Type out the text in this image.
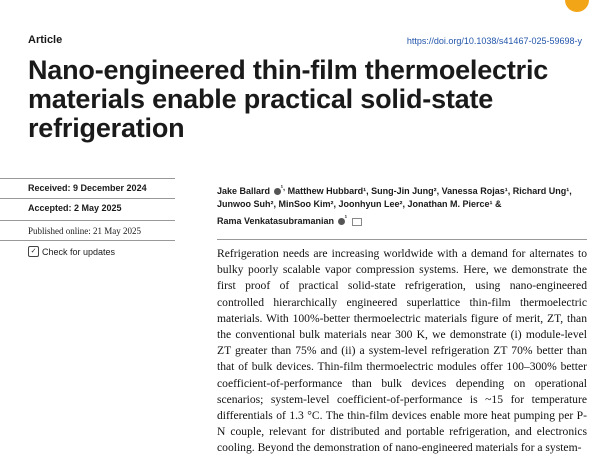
Article	https://doi.org/10.1038/s41467-025-59698-y
Nano-engineered thin-film thermoelectric materials enable practical solid-state refrigeration
Received: 9 December 2024
Accepted: 2 May 2025
Published online: 21 May 2025
✓ Check for updates
Jake Ballard $^{^1,}$ Matthew Hubbard¹, Sung-Jin Jung², Vanessa Rojas¹, Richard Ung¹, Junwoo Suh², MinSoo Kim², Joonhyun Lee², Jonathan M. Pierce¹ &
Rama Venkatasubramanian $^{^1}$

Refrigeration needs are increasing worldwide with a demand for alternates to bulky poorly scalable vapor compression systems. Here, we demonstrate the first proof of practical solid-state refrigeration, using nano-engineered controlled hierarchically engineered superlattice thin-film thermoelectric materials. With 100%-better thermoelectric materials figure of merit, ZT, than the conventional bulk materials near 300 K, we demonstrate (i) module-level ZT greater than 75% and (ii) a system-level refrigeration ZT 70% better than that of bulk devices. Thin-film thermoelectric modules offer 100–300% better coefficient-of-performance than bulk devices depending on operational scenarios; system-level coefficient-of-performance is ~15 for temperature differentials of 1.3 °C. The thin-film devices enable more heat pumping per P-N couple, relevant for distributed and portable refrigeration, and electronics cooling. Beyond the demonstration of nano-engineered materials for a system-
